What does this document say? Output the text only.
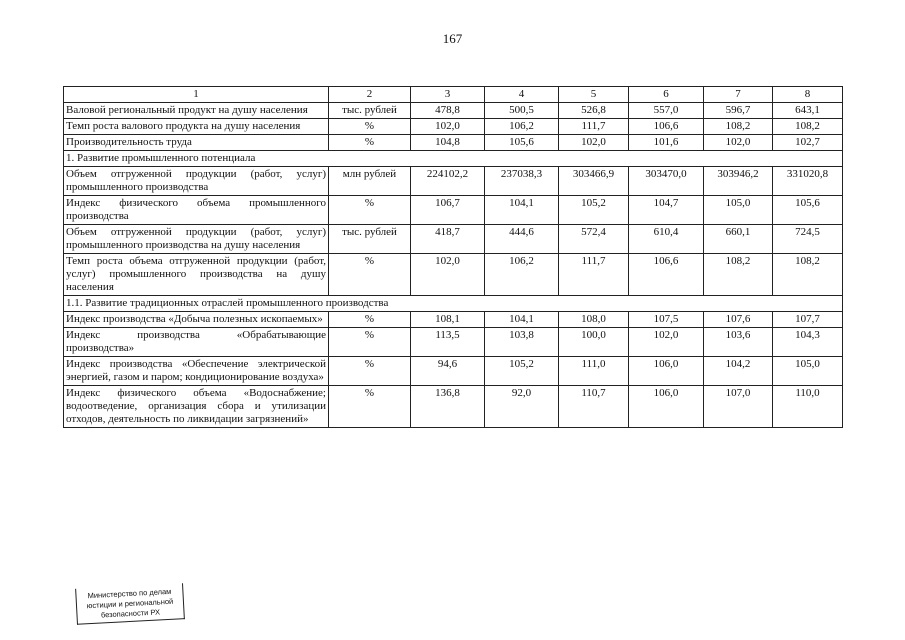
167
1	2	3	4	5	6	7	8
Валовой региональный продукт на душу населения	тыс. рублей	478,8	500,5	526,8	557,0	596,7	643,1
Темп роста валового продукта на душу населения	%	102,0	106,2	111,7	106,6	108,2	108,2
Производительность труда	%	104,8	105,6	102,0	101,6	102,0	102,7
1. Развитие промышленного потенциала							
Объем отгруженной продукции (работ, услуг) промышленного производства	млн рублей	224102,2	237038,3	303466,9	303470,0	303946,2	331020,8
Индекс физического объема промышленного производства	%	106,7	104,1	105,2	104,7	105,0	105,6
Объем отгруженной продукции (работ, услуг) промышленного производства на душу населения	тыс. рублей	418,7	444,6	572,4	610,4	660,1	724,5
Темп роста объема отгруженной продукции (работ, услуг) промышленного производства на душу населения	%	102,0	106,2	111,7	106,6	108,2	108,2
1.1. Развитие традиционных отраслей промышленного производства							
Индекс производства «Добыча полезных ископаемых»	%	108,1	104,1	108,0	107,5	107,6	107,7
Индекс производства «Обрабатывающие производства»	%	113,5	103,8	100,0	102,0	103,6	104,3
Индекс производства «Обеспечение электрической энергией, газом и паром; кондиционирование воздуха»	%	94,6	105,2	111,0	106,0	104,2	105,0
Индекс физического объема «Водоснабжение; водоотведение, организация сбора и утилизации отходов, деятельность по ликвидации загрязнений»	%	136,8	92,0	110,7	106,0	107,0	110,0
Министерство по делам
юстиции и региональной
безопасности РХ
